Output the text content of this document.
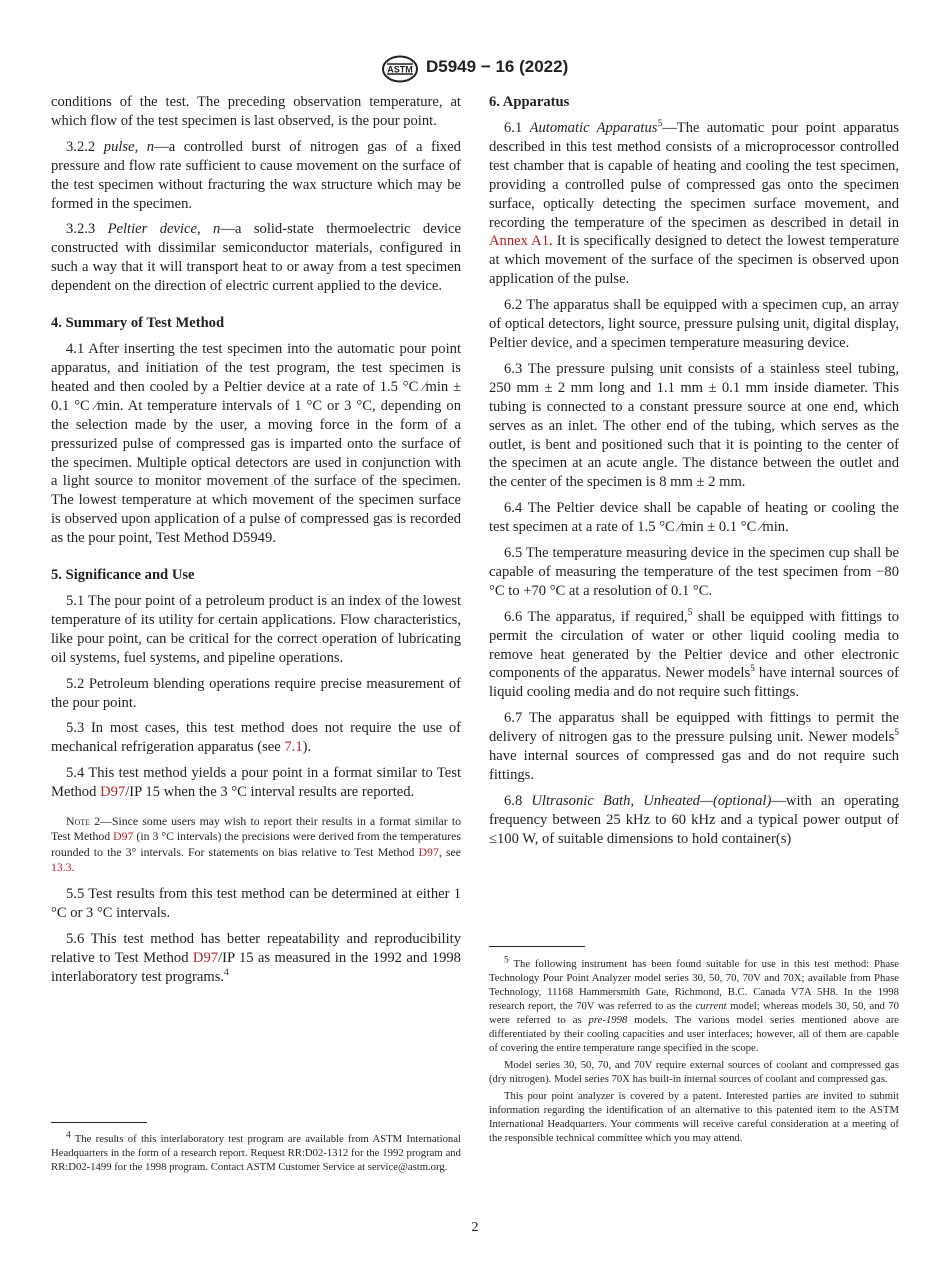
ASTM D5949 − 16 (2022)

conditions of the test. The preceding observation temperature, at which flow of the test specimen is last observed, is the pour point.

3.2.2 pulse, n—a controlled burst of nitrogen gas of a fixed pressure and flow rate sufficient to cause movement on the surface of the test specimen without fracturing the wax structure which may be formed in the specimen.

3.2.3 Peltier device, n—a solid-state thermoelectric device constructed with dissimilar semiconductor materials, configured in such a way that it will transport heat to or away from a test specimen dependent on the direction of electric current applied to the device.

4. Summary of Test Method

4.1 After inserting the test specimen into the automatic pour point apparatus, and initiation of the test program, the test specimen is heated and then cooled by a Peltier device at a rate of 1.5 °C ⁄min ± 0.1 °C ⁄min. At temperature intervals of 1 °C or 3 °C, depending on the selection made by the user, a moving force in the form of a pressurized pulse of compressed gas is imparted onto the surface of the specimen. Multiple optical detectors are used in conjunction with a light source to monitor movement of the surface of the specimen. The lowest temperature at which movement of the specimen surface is observed upon application of a pulse of compressed gas is recorded as the pour point, Test Method D5949.

5. Significance and Use

5.1 The pour point of a petroleum product is an index of the lowest temperature of its utility for certain applications. Flow characteristics, like pour point, can be critical for the correct operation of lubricating oil systems, fuel systems, and pipeline operations.

5.2 Petroleum blending operations require precise measurement of the pour point.

5.3 In most cases, this test method does not require the use of mechanical refrigeration apparatus (see 7.1).

5.4 This test method yields a pour point in a format similar to Test Method D97/IP 15 when the 3 °C interval results are reported.

Note 2—Since some users may wish to report their results in a format similar to Test Method D97 (in 3 °C intervals) the precisions were derived from the temperatures rounded to the 3° intervals. For statements on bias relative to Test Method D97, see 13.3.

5.5 Test results from this test method can be determined at either 1 °C or 3 °C intervals.

5.6 This test method has better repeatability and reproducibility relative to Test Method D97/IP 15 as measured in the 1992 and 1998 interlaboratory test programs.$^4$

$^4$ The results of this interlaboratory test program are available from ASTM International Headquarters in the form of a research report. Request RR:D02-1312 for the 1992 program and RR:D02-1499 for the 1998 program. Contact ASTM Customer Service at service@astm.org.

6. Apparatus

6.1 Automatic Apparatus$^5$—The automatic pour point apparatus described in this test method consists of a microprocessor controlled test chamber that is capable of heating and cooling the test specimen, providing a controlled pulse of compressed gas onto the specimen surface, optically detecting the specimen surface movement, and recording the temperature of the specimen as described in detail in Annex A1. It is specifically designed to detect the lowest temperature at which movement of the surface of the specimen is observed upon application of the pulse.

6.2 The apparatus shall be equipped with a specimen cup, an array of optical detectors, light source, pressure pulsing unit, digital display, Peltier device, and a specimen temperature measuring device.

6.3 The pressure pulsing unit consists of a stainless steel tubing, 250 mm ± 2 mm long and 1.1 mm ± 0.1 mm inside diameter. This tubing is connected to a constant pressure source at one end, which serves as an inlet. The other end of the tubing, which serves as the outlet, is bent and positioned such that it is pointing to the center of the specimen at an acute angle. The distance between the outlet and the center of the specimen is 8 mm ± 2 mm.

6.4 The Peltier device shall be capable of heating or cooling the test specimen at a rate of 1.5 °C ⁄min ± 0.1 °C ⁄min.

6.5 The temperature measuring device in the specimen cup shall be capable of measuring the temperature of the test specimen from −80 °C to +70 °C at a resolution of 0.1 °C.

6.6 The apparatus, if required,$^5$ shall be equipped with fittings to permit the circulation of water or other liquid cooling media to remove heat generated by the Peltier device and other electronic components of the apparatus. Newer models$^5$ have internal sources of liquid cooling media and do not require such fittings.

6.7 The apparatus shall be equipped with fittings to permit the delivery of nitrogen gas to the pressure pulsing unit. Newer models$^5$ have internal sources of compressed gas and do not require such fittings.

6.8 Ultrasonic Bath, Unheated—(optional)—with an operating frequency between 25 kHz to 60 kHz and a typical power output of ≤100 W, of suitable dimensions to hold container(s)

$^5$ The following instrument has been found suitable for use in this test method: Phase Technology Pour Point Analyzer model series 30, 50, 70, 70V and 70X; available from Phase Technology, 11168 Hammersmith Gate, Richmond, B.C. Canada V7A 5H8. In the 1998 research report, the 70V was referred to as the current model; whereas models 30, 50, and 70 were referred to as pre-1998 models. The various model series mentioned above are differentiated by their cooling capacities and user interfaces; however, all of them are capable of covering the entire temperature range specified in the scope.

Model series 30, 50, 70, and 70V require external sources of coolant and compressed gas (dry nitrogen). Model series 70X has built-in internal sources of coolant and compressed gas.

This pour point analyzer is covered by a patent. Interested parties are invited to submit information regarding the identification of an alternative to this patented item to the ASTM International Headquarters. Your comments will receive careful consideration at a meeting of the responsible technical committee which you may attend.

2
